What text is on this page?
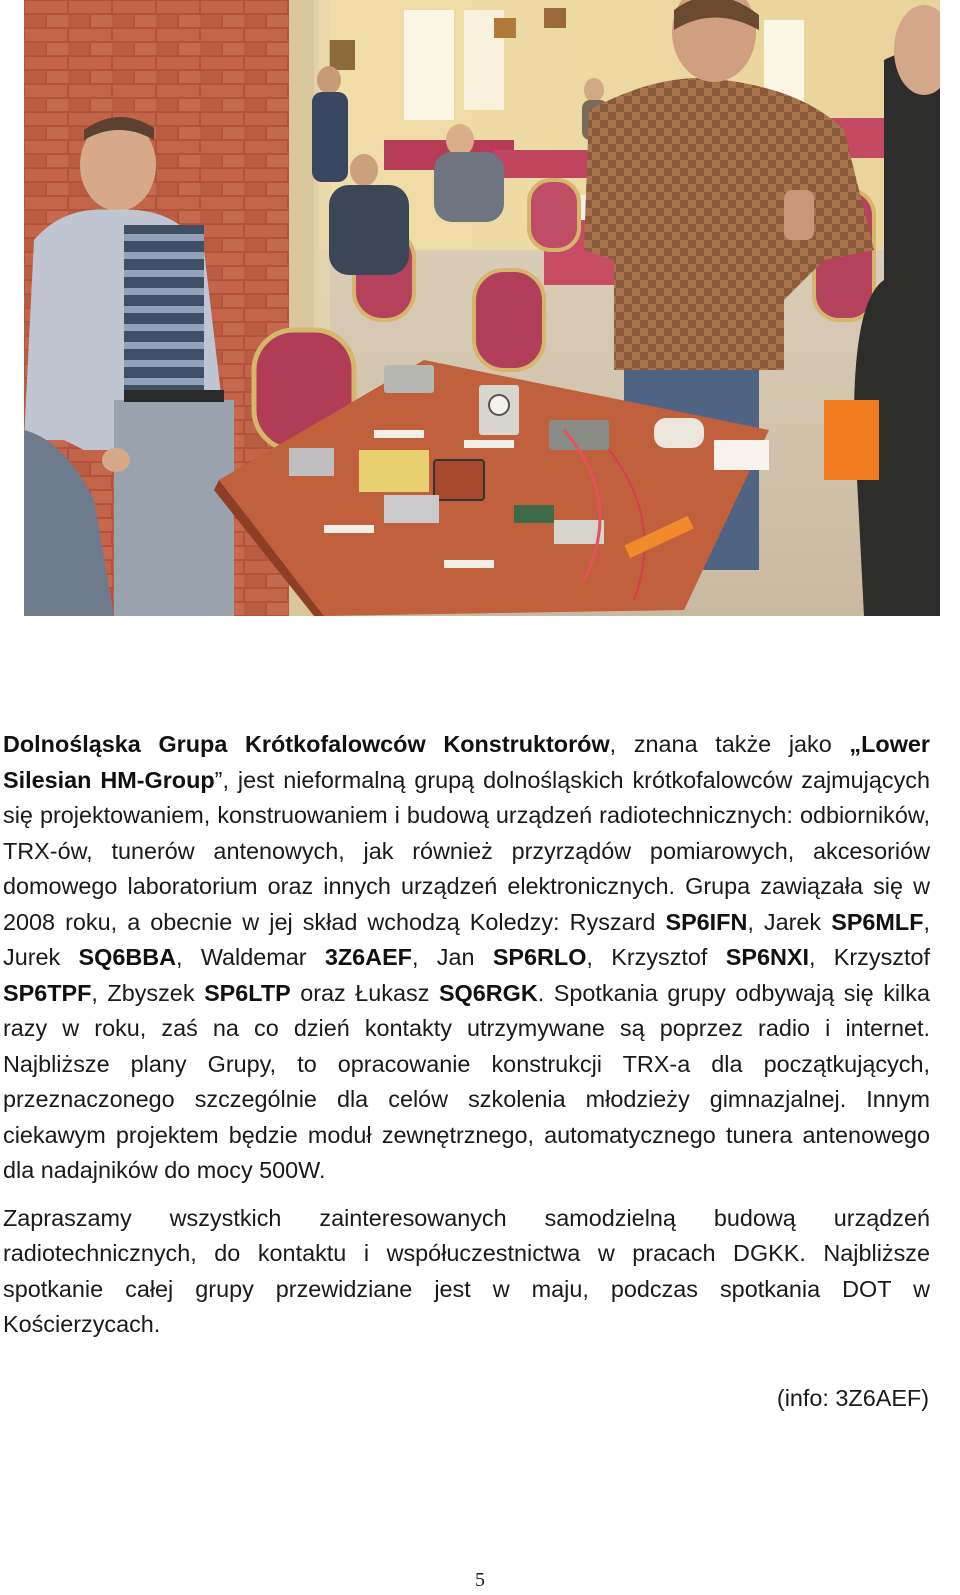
Dolnośląska Grupa Krótkofalowców Konstruktorów, znana także jako „Lower Silesian HM-Group”, jest nieformalną grupą dolnośląskich krótkofalowców zajmujących się projektowaniem, konstruowaniem i budową urządzeń radiotechnicznych: odbiorników, TRX-ów, tunerów antenowych, jak również przyrządów pomiarowych, akcesoriów domowego laboratorium oraz innych urządzeń elektronicznych. Grupa zawiązała się w 2008 roku, a obecnie w jej skład wchodzą Koledzy: Ryszard SP6IFN, Jarek SP6MLF, Jurek SQ6BBA, Waldemar 3Z6AEF, Jan SP6RLO, Krzysztof SP6NXI, Krzysztof SP6TPF, Zbyszek SP6LTP oraz Łukasz SQ6RGK. Spotkania grupy odbywają się kilka razy w roku, zaś na co dzień kontakty utrzymywane są poprzez radio i internet. Najbliższe plany Grupy, to opracowanie konstrukcji TRX-a dla początkujących, przeznaczonego szczególnie dla celów szkolenia młodzieży gimnazjalnej. Innym ciekawym projektem będzie moduł zewnętrznego, automatycznego tunera antenowego dla nadajników do mocy 500W.

Zapraszamy wszystkich zainteresowanych samodzielną budową urządzeń radiotechnicznych, do kontaktu i współuczestnictwa w pracach DGKK. Najbliższe spotkanie całej grupy przewidziane jest w maju, podczas spotkania DOT w Kościerzycach.

(info: 3Z6AEF)
5
